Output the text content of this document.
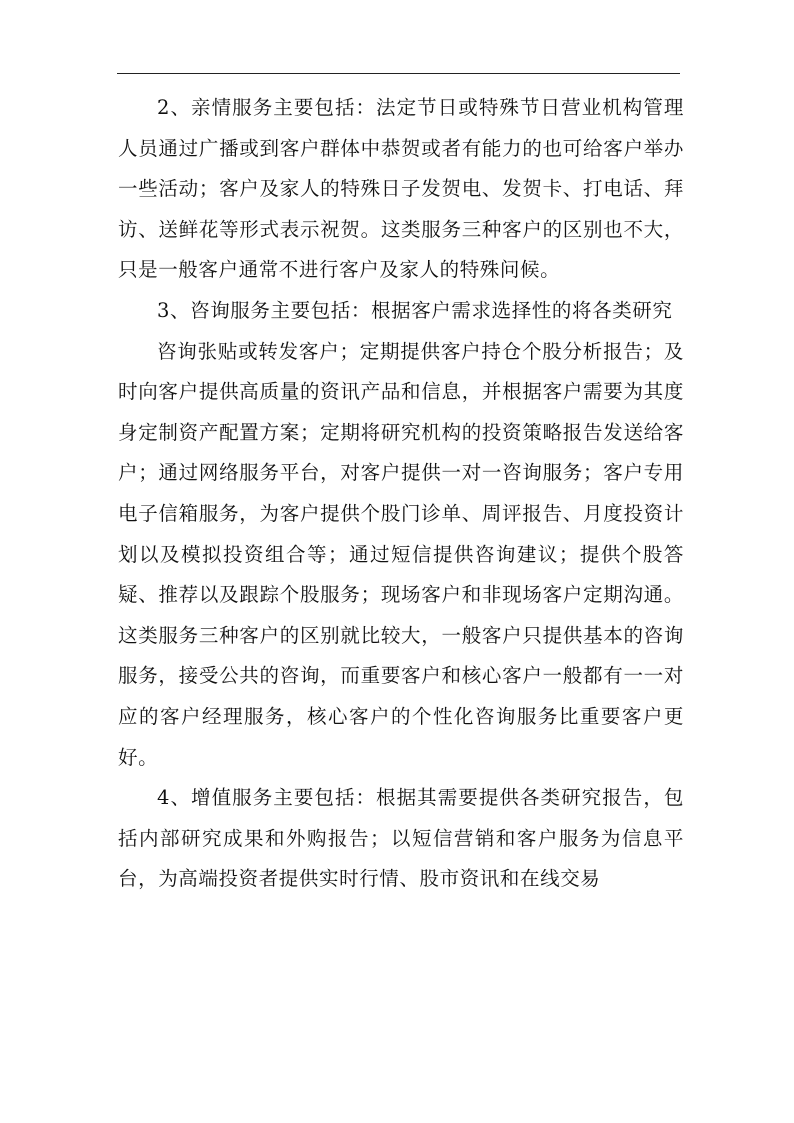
2、亲情服务主要包括：法定节日或特殊节日营业机构管理人员通过广播或到客户群体中恭贺或者有能力的也可给客户举办一些活动；客户及家人的特殊日子发贺电、发贺卡、打电话、拜访、送鲜花等形式表示祝贺。这类服务三种客户的区别也不大，只是一般客户通常不进行客户及家人的特殊问候。

3、咨询服务主要包括：根据客户需求选择性的将各类研究

咨询张贴或转发客户；定期提供客户持仓个股分析报告；及时向客户提供高质量的资讯产品和信息，并根据客户需要为其度身定制资产配置方案；定期将研究机构的投资策略报告发送给客户；通过网络服务平台，对客户提供一对一咨询服务；客户专用电子信箱服务，为客户提供个股门诊单、周评报告、月度投资计划以及模拟投资组合等；通过短信提供咨询建议；提供个股答疑、推荐以及跟踪个股服务；现场客户和非现场客户定期沟通。这类服务三种客户的区别就比较大，一般客户只提供基本的咨询服务，接受公共的咨询，而重要客户和核心客户一般都有一一对应的客户经理服务，核心客户的个性化咨询服务比重要客户更好。

4、增值服务主要包括：根据其需要提供各类研究报告，包括内部研究成果和外购报告；以短信营销和客户服务为信息平台，为高端投资者提供实时行情、股市资讯和在线交易
